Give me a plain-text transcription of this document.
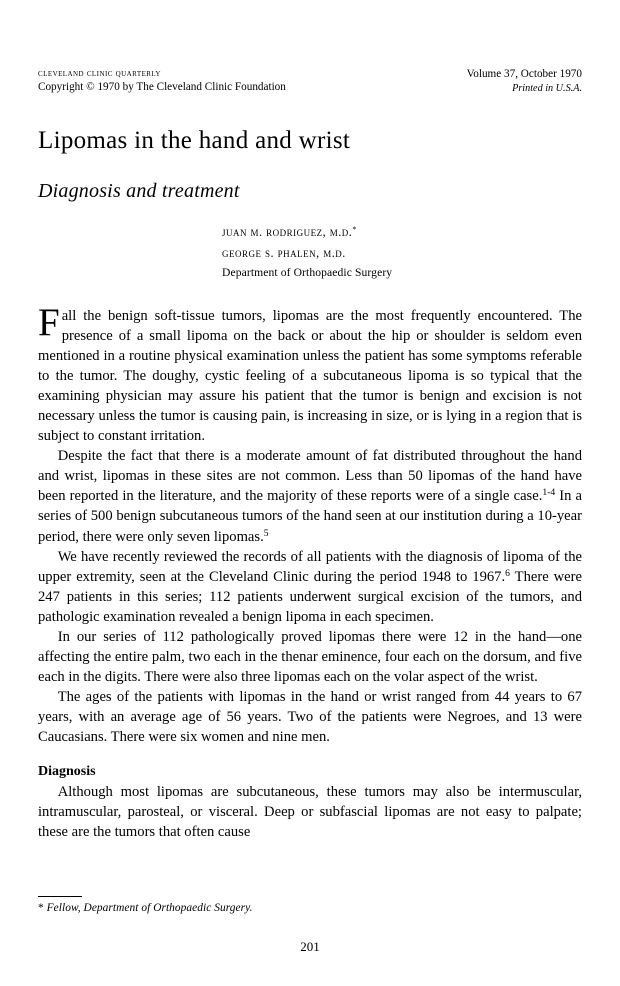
cleveland clinic quarterly
Copyright © 1970 by The Cleveland Clinic Foundation
Volume 37, October 1970
Printed in U.S.A.
Lipomas in the hand and wrist
Diagnosis and treatment
juan m. rodriguez, m.d.*
george s. phalen, m.d.
Department of Orthopaedic Surgery

Fall the benign soft-tissue tumors, lipomas are the most frequently encountered. The presence of a small lipoma on the back or about the hip or shoulder is seldom even mentioned in a routine physical examination unless the patient has some symptoms referable to the tumor. The doughy, cystic feeling of a subcutaneous lipoma is so typical that the examining physician may assure his patient that the tumor is benign and excision is not necessary unless the tumor is causing pain, is increasing in size, or is lying in a region that is subject to constant irritation.

Despite the fact that there is a moderate amount of fat distributed throughout the hand and wrist, lipomas in these sites are not common. Less than 50 lipomas of the hand have been reported in the literature, and the majority of these reports were of a single case.$^{1-4}$ In a series of 500 benign subcutaneous tumors of the hand seen at our institution during a 10-year period, there were only seven lipomas.$^5$

We have recently reviewed the records of all patients with the diagnosis of lipoma of the upper extremity, seen at the Cleveland Clinic during the period 1948 to 1967.$^6$ There were 247 patients in this series; 112 patients underwent surgical excision of the tumors, and pathologic examination revealed a benign lipoma in each specimen.

In our series of 112 pathologically proved lipomas there were 12 in the hand—one affecting the entire palm, two each in the thenar eminence, four each on the dorsum, and five each in the digits. There were also three lipomas each on the volar aspect of the wrist.

The ages of the patients with lipomas in the hand or wrist ranged from 44 years to 67 years, with an average age of 56 years. Two of the patients were Negroes, and 13 were Caucasians. There were six women and nine men.

Diagnosis

Although most lipomas are subcutaneous, these tumors may also be intermuscular, intramuscular, parosteal, or visceral. Deep or subfascial lipomas are not easy to palpate; these are the tumors that often cause

* Fellow, Department of Orthopaedic Surgery.
201
